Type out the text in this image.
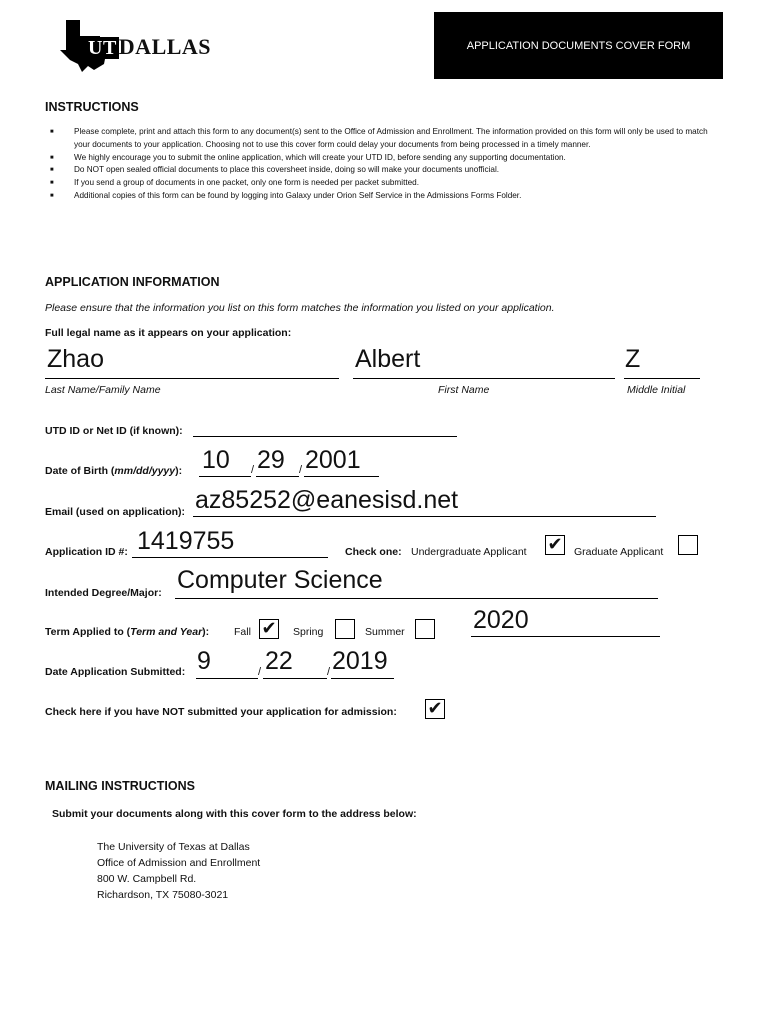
UTDALLAS	APPLICATION DOCUMENTS COVER FORM
INSTRUCTIONS
■ Please complete, print and attach this form to any document(s) sent to the Office of Admission and Enrollment. The information provided on this form will only be used to match your documents to your application. Choosing not to use this cover form could delay your documents from being processed in a timely manner.
■ We highly encourage you to submit the online application, which will create your UTD ID, before sending any supporting documentation.
■ Do NOT open sealed official documents to place this coversheet inside, doing so will make your documents unofficial.
■ If you send a group of documents in one packet, only one form is needed per packet submitted.
■ Additional copies of this form can be found by logging into Galaxy under Orion Self Service in the Admissions Forms Folder.
APPLICATION INFORMATION
Please ensure that the information you list on this form matches the information you listed on your application.
Full legal name as it appears on your application:
Zhao	Albert	Z
Last Name/Family Name	First Name	Middle Initial
UTD ID or Net ID (if known):
Date of Birth (mm/dd/yyyy): 10 / 29 / 2001
Email (used on application): az85252@eanesisd.net
Application ID #: 1419755	Check one: Undergraduate Applicant ✔ Graduate Applicant
Intended Degree/Major: Computer Science
Term Applied to (Term and Year): Fall ✔ Spring	Summer	2020
Date Application Submitted: 9	/ 22	/ 2019
Check here if you have NOT submitted your application for admission: ✔
MAILING INSTRUCTIONS
Submit your documents along with this cover form to the address below:
The University of Texas at Dallas
Office of Admission and Enrollment
800 W. Campbell Rd.
Richardson, TX 75080-3021
